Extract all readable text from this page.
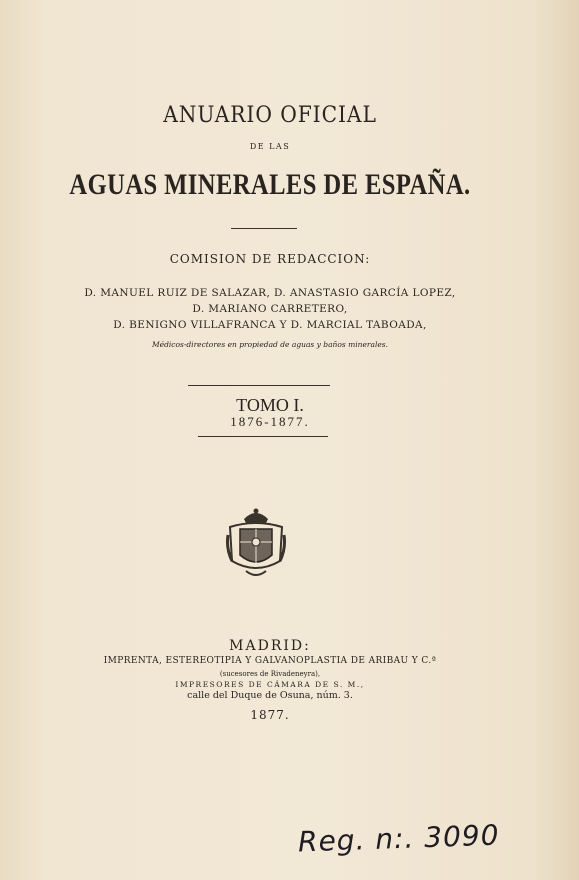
ANUARIO OFICIAL
DE LAS
AGUAS MINERALES DE ESPAÑA.
COMISION DE REDACCION:
D. MANUEL RUIZ DE SALAZAR, D. ANASTASIO GARCÍA LOPEZ,
D. MARIANO CARRETERO,
D. BENIGNO VILLAFRANCA Y D. MARCIAL TABOADA,
Médicos-directores en propiedad de aguas y baños minerales.
TOMO I.
1876-1877.
MADRID:
IMPRENTA, ESTEREOTIPIA Y GALVANOPLASTIA DE ARIBAU Y C.ª
(sucesores de Rivadeneyra),
IMPRESORES DE CÁMARA DE S. M.,
calle del Duque de Osuna, núm. 3.
1877.
Reg. n:. 3090
